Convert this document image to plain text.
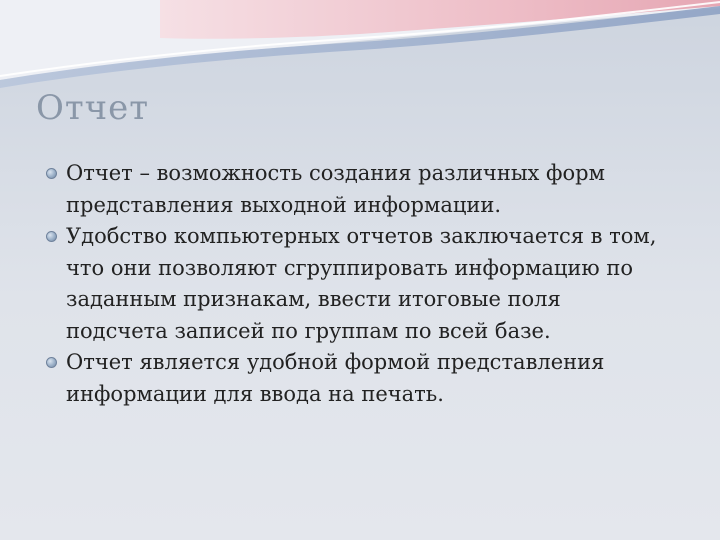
Отчет
Отчет – возможность создания различных форм представления выходной информации.
Удобство компьютерных отчетов заключается в том, что они позволяют сгруппировать информацию по заданным признакам, ввести итоговые поля подсчета записей по группам по всей базе.
Отчет является удобной формой представления информации для ввода на печать.
